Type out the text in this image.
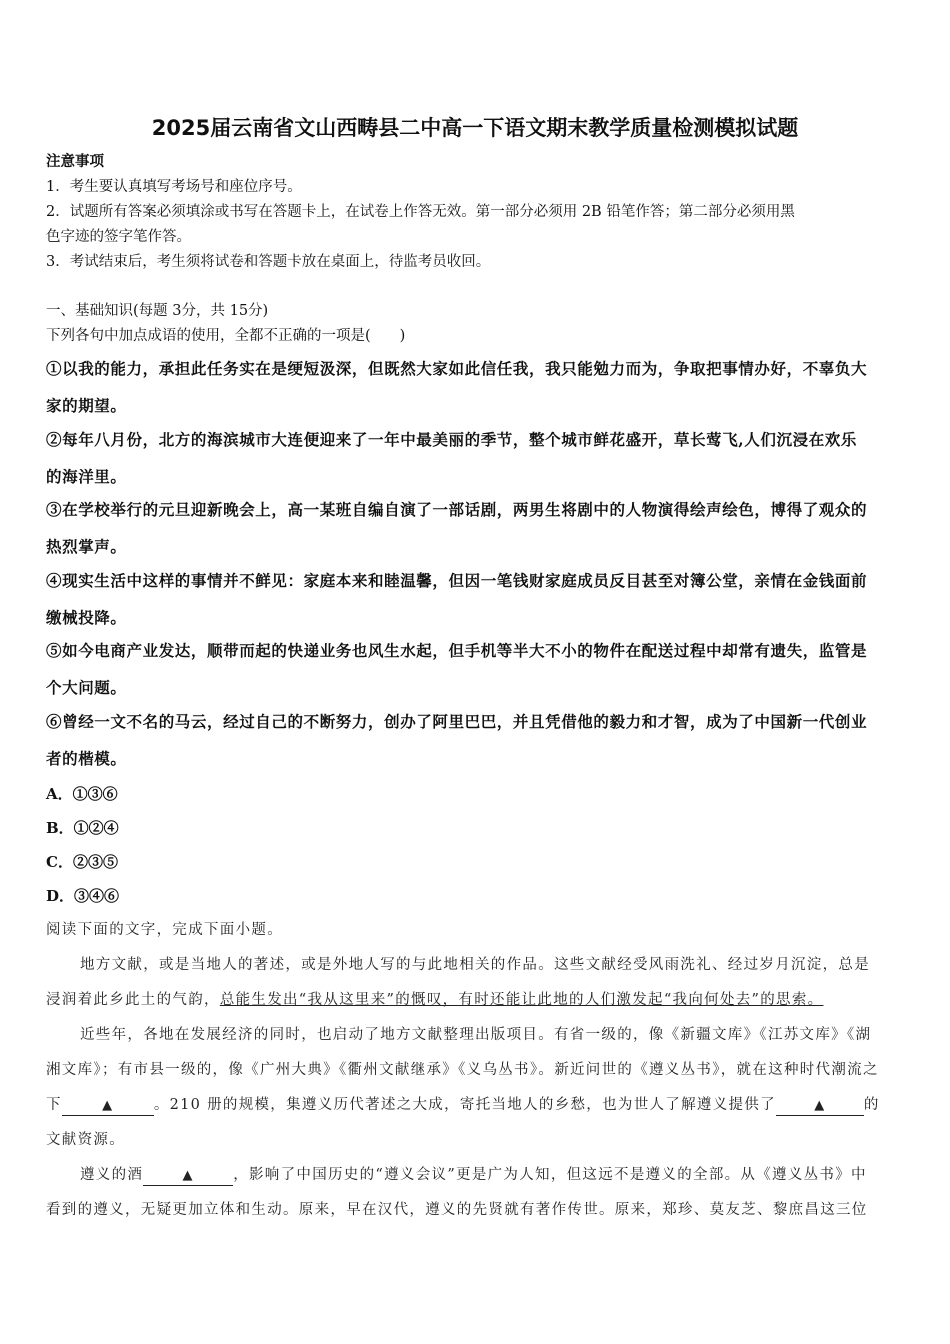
2025届云南省文山西畴县二中高一下语文期末教学质量检测模拟试题
注意事项
1．考生要认真填写考场号和座位序号。
2．试题所有答案必须填涂或书写在答题卡上，在试卷上作答无效。第一部分必须用 2B 铅笔作答；第二部分必须用黑
色字迹的签字笔作答。
3．考试结束后，考生须将试卷和答题卡放在桌面上，待监考员收回。
一、基础知识(每题 3分，共 15分)
下列各句中加点成语的使用，全都不正确的一项是(　　)
①以我的能力，承担此任务实在是绠短汲深，但既然大家如此信任我，我只能勉力而为，争取把事情办好，不辜负大
家的期望。
②每年八月份，北方的海滨城市大连便迎来了一年中最美丽的季节，整个城市鲜花盛开，草长莺飞,人们沉浸在欢乐
的海洋里。
③在学校举行的元旦迎新晚会上，高一某班自编自演了一部话剧，两男生将剧中的人物演得绘声绘色，博得了观众的
热烈掌声。
④现实生活中这样的事情并不鲜见：家庭本来和睦温馨，但因一笔钱财家庭成员反目甚至对簿公堂，亲情在金钱面前
缴械投降。
⑤如今电商产业发达，顺带而起的快递业务也风生水起，但手机等半大不小的物件在配送过程中却常有遗失，监管是
个大问题。
⑥曾经一文不名的马云，经过自己的不断努力，创办了阿里巴巴，并且凭借他的毅力和才智，成为了中国新一代创业
者的楷模。
A．①③⑥
B．①②④
C．②③⑤
D．③④⑥
阅读下面的文字，完成下面小题。
地方文献，或是当地人的著述，或是外地人写的与此地相关的作品。这些文献经受风雨洗礼、经过岁月沉淀，总是
浸润着此乡此土的气韵，总能生发出“我从这里来”的慨叹，有时还能让此地的人们激发起“我向何处去”的思索。
近些年，各地在发展经济的同时，也启动了地方文献整理出版项目。有省一级的，像《新疆文库》《江苏文库》《湖
湘文库》；有市县一级的，像《广州大典》《衢州文献继承》《义乌丛书》。新近问世的《遵义丛书》，就在这种时代潮流之
下	▲	。210 册的规模，集遵义历代著述之大成，寄托当地人的乡愁，也为世人了解遵义提供了	▲	的
文献资源。
遵义的酒	▲	，影响了中国历史的“遵义会议”更是广为人知，但这远不是遵义的全部。从《遵义丛书》中
看到的遵义，无疑更加立体和生动。原来，早在汉代，遵义的先贤就有著作传世。原来，郑珍、莫友芝、黎庶昌这三位
